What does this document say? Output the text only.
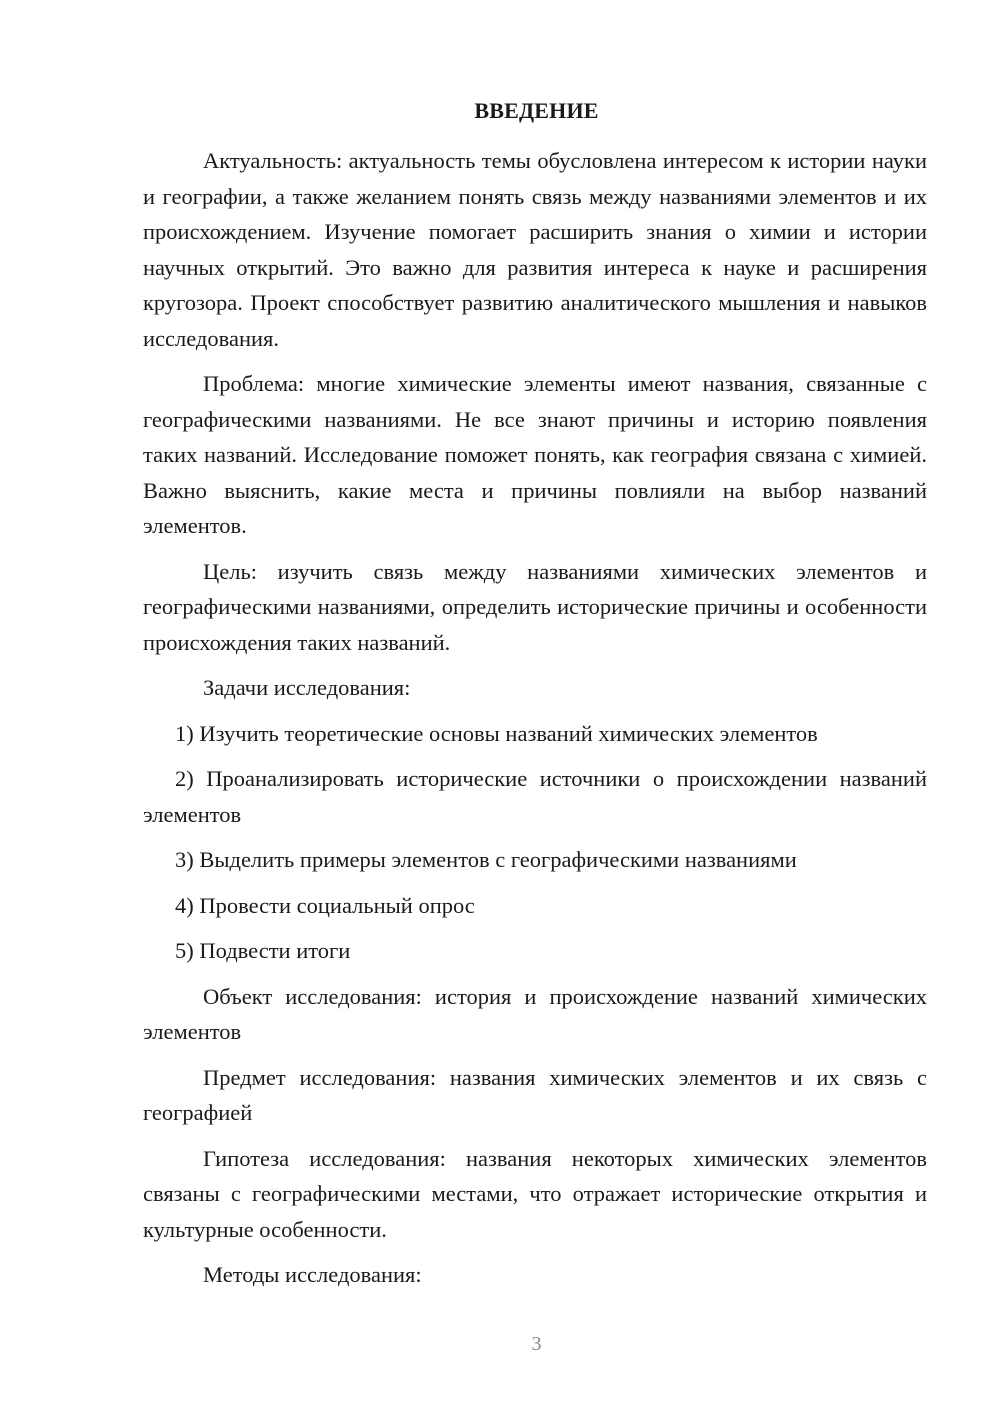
ВВЕДЕНИЕ

Актуальность: актуальность темы обусловлена интересом к истории науки и географии, а также желанием понять связь между названиями элементов и их происхождением. Изучение помогает расширить знания о химии и истории научных открытий. Это важно для развития интереса к науке и расширения кругозора. Проект способствует развитию аналитического мышления и навыков исследования.

Проблема: многие химические элементы имеют названия, связанные с географическими названиями. Не все знают причины и историю появления таких названий. Исследование поможет понять, как география связана с химией. Важно выяснить, какие места и причины повлияли на выбор названий элементов.

Цель: изучить связь между названиями химических элементов и географическими названиями, определить исторические причины и особенности происхождения таких названий.

Задачи исследования:

1) Изучить теоретические основы названий химических элементов

2) Проанализировать исторические источники о происхождении названий элементов

3) Выделить примеры элементов с географическими названиями

4) Провести социальный опрос

5) Подвести итоги

Объект исследования: история и происхождение названий химических элементов

Предмет исследования: названия химических элементов и их связь с географией

Гипотеза исследования: названия некоторых химических элементов связаны с географическими местами, что отражает исторические открытия и культурные особенности.

Методы исследования:

3
